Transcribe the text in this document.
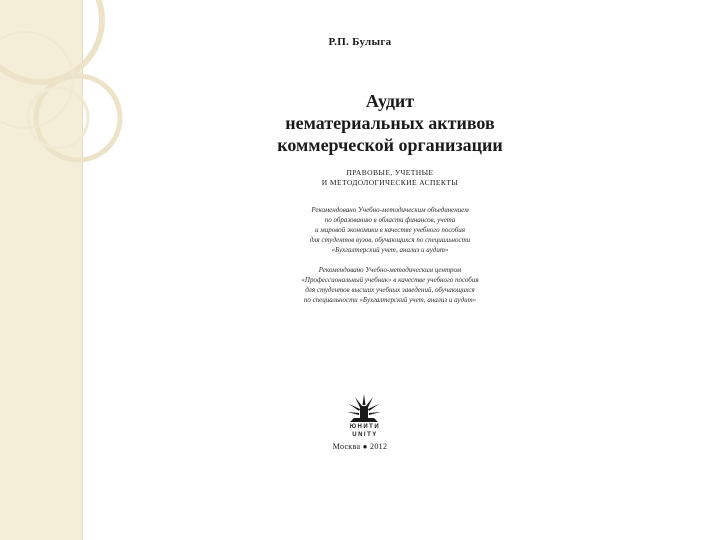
Р.П. Булыга
Аудит
нематериальных активов
коммерческой организации
ПРАВОВЫЕ, УЧЕТНЫЕ
И МЕТОДОЛОГИЧЕСКИЕ АСПЕКТЫ
Рекомендовано Учебно-методическим объединением
по образованию в области финансов, учета
и мировой экономики в качестве учебного пособия
для студентов вузов, обучающихся по специальности
«Бухгалтерский учет, анализ и аудит»
Рекомендовано Учебно-методическим центром
«Профессиональный учебник» в качестве учебного пособия
для студентов высших учебных заведений, обучающихся
по специальности «Бухгалтерский учет, анализ и аудит»
ЮНИТИ
UNITY
Москва ● 2012
